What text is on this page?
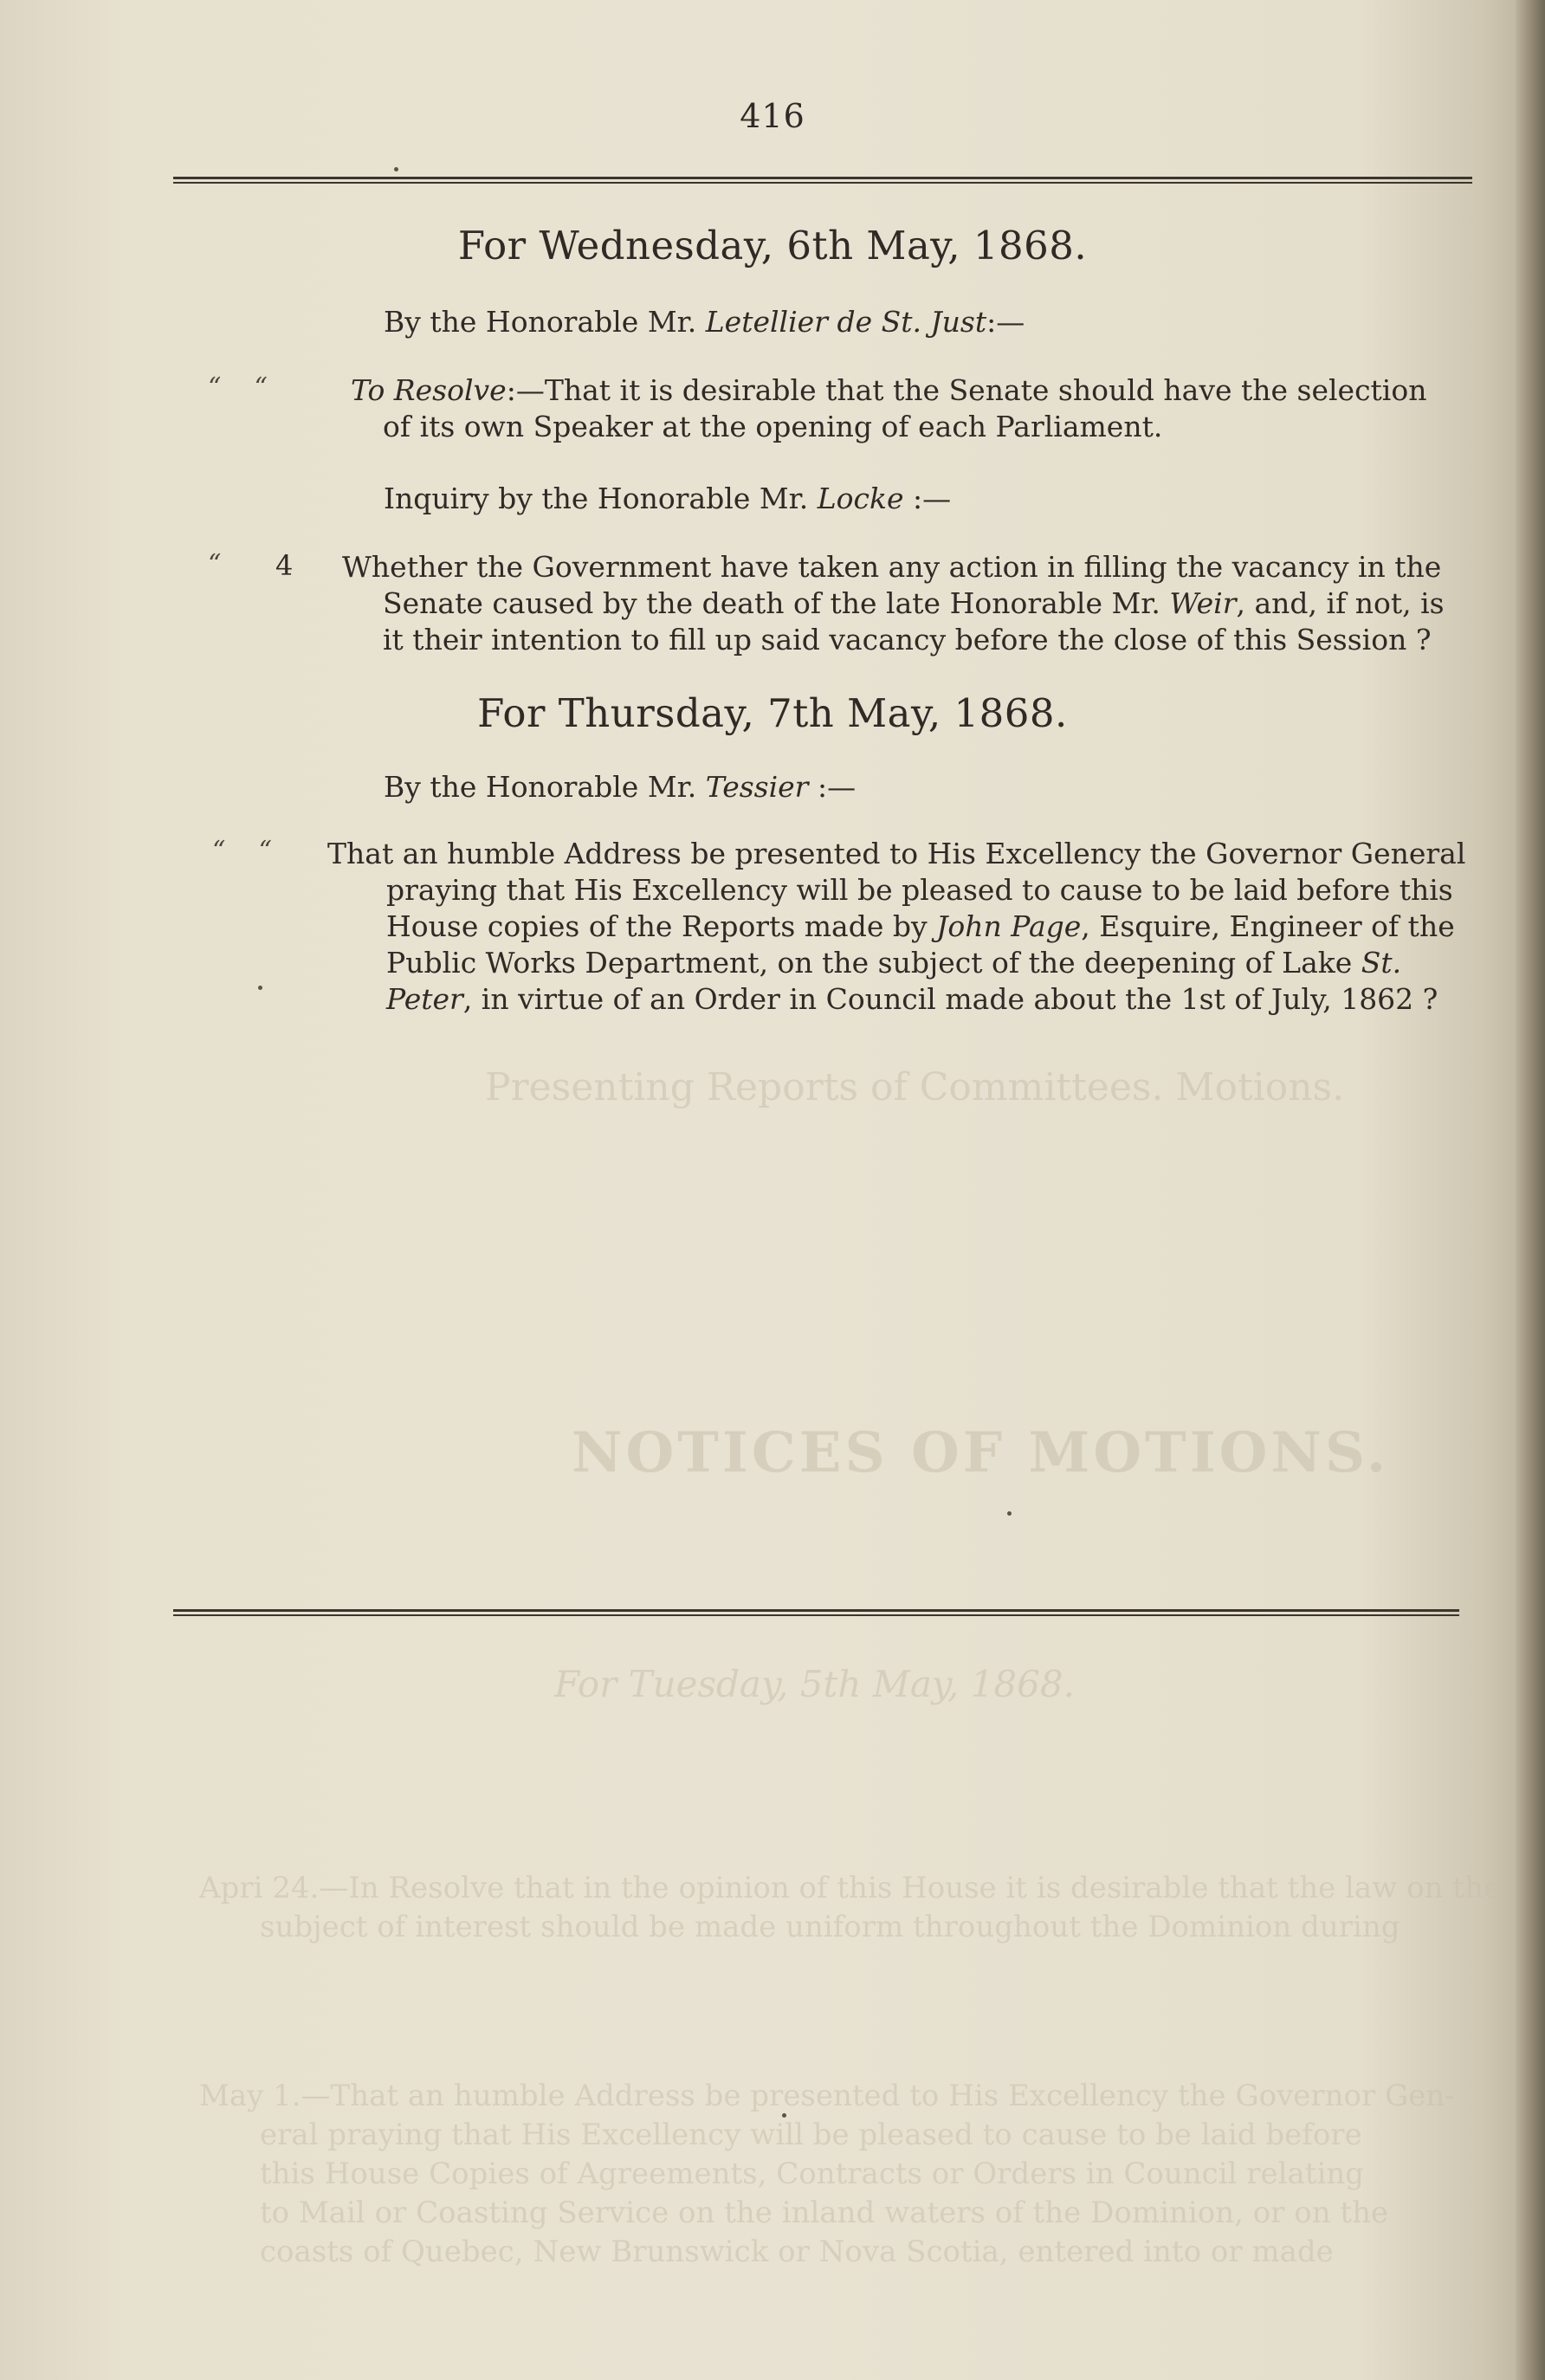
NOTICES OF MOTIONS.
Presenting Reports of Committees. Motions.
For Tuesday, 5th May, 1868.
Apri 24.—In Resolve that in the opinion of this House it is desirable that the law on the
subject of interest should be made uniform throughout the Dominion during
May 1.—That an humble Address be presented to His Excellency the Governor Gen-
eral praying that His Excellency will be pleased to cause to be laid before
this House Copies of Agreements, Contracts or Orders in Council relating
to Mail or Coasting Service on the inland waters of the Dominion, or on the
coasts of Quebec, New Brunswick or Nova Scotia, entered into or made
416
For Wednesday, 6th May, 1868.
By the Honorable Mr. Letellier de St. Just:—
“    “	To Resolve:—That it is desirable that the Senate should have the selection
of its own Speaker at the opening of each Parliament.
Inquiry by the Honorable Mr. Locke :—
“ 4 Whether the Government have taken any action in filling the vacancy in the
Senate caused by the death of the late Honorable Mr. Weir, and, if not, is
it their intention to fill up said vacancy before the close of this Session ?
For Thursday, 7th May, 1868.
By the Honorable Mr. Tessier :—
“    “ That an humble Address be presented to His Excellency the Governor General
praying that His Excellency will be pleased to cause to be laid before this
House copies of the Reports made by John Page, Esquire, Engineer of the
Public Works Department, on the subject of the deepening of Lake St.
Peter, in virtue of an Order in Council made about the 1st of July, 1862 ?
